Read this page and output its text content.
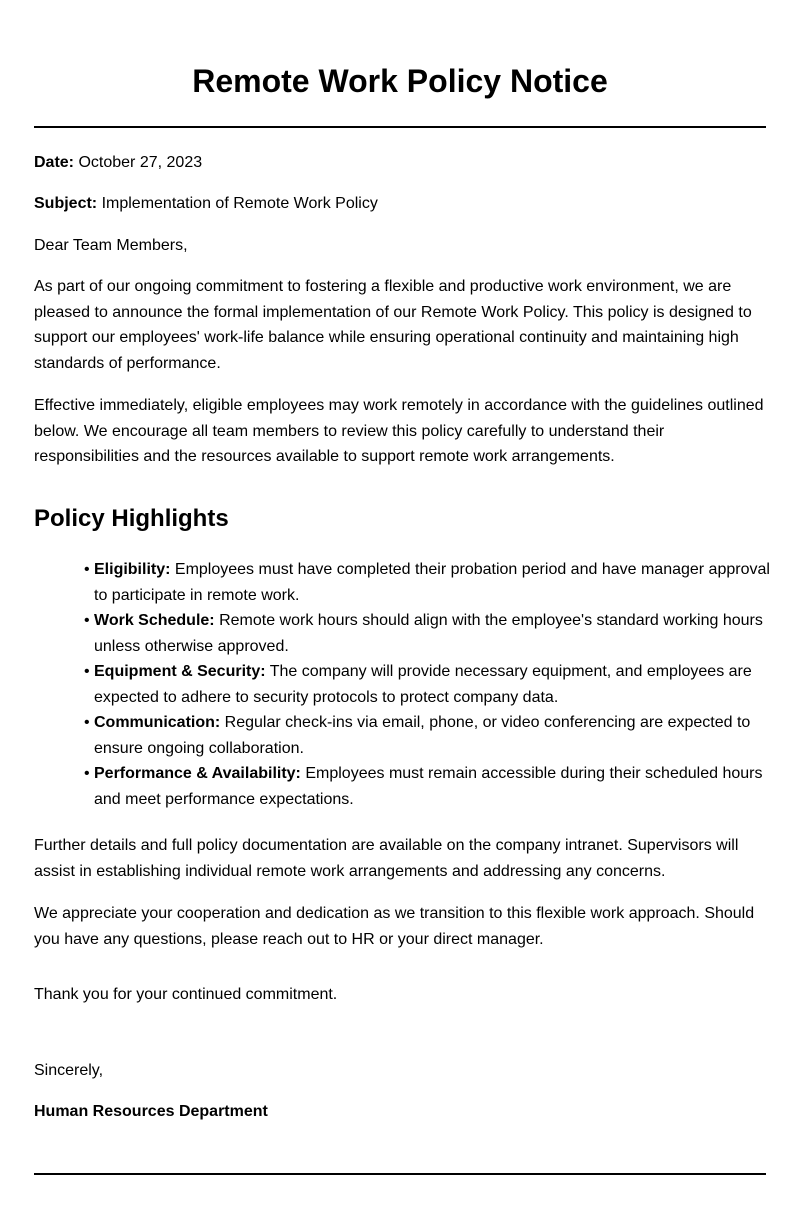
Remote Work Policy Notice

Date: October 27, 2023

Subject: Implementation of Remote Work Policy

Dear Team Members,

As part of our ongoing commitment to fostering a flexible and productive work environment, we are pleased to announce the formal implementation of our Remote Work Policy. This policy is designed to support our employees' work-life balance while ensuring operational continuity and maintaining high standards of performance.

Effective immediately, eligible employees may work remotely in accordance with the guidelines outlined below. We encourage all team members to review this policy carefully to understand their responsibilities and the resources available to support remote work arrangements.

Policy Highlights
• Eligibility: Employees must have completed their probation period and have manager approval to participate in remote work.
• Work Schedule: Remote work hours should align with the employee's standard working hours unless otherwise approved.
• Equipment & Security: The company will provide necessary equipment, and employees are expected to adhere to security protocols to protect company data.
• Communication: Regular check-ins via email, phone, or video conferencing are expected to ensure ongoing collaboration.
• Performance & Availability: Employees must remain accessible during their scheduled hours and meet performance expectations.

Further details and full policy documentation are available on the company intranet. Supervisors will assist in establishing individual remote work arrangements and addressing any concerns.

We appreciate your cooperation and dedication as we transition to this flexible work approach. Should you have any questions, please reach out to HR or your direct manager.

Thank you for your continued commitment.

Sincerely,

Human Resources Department
